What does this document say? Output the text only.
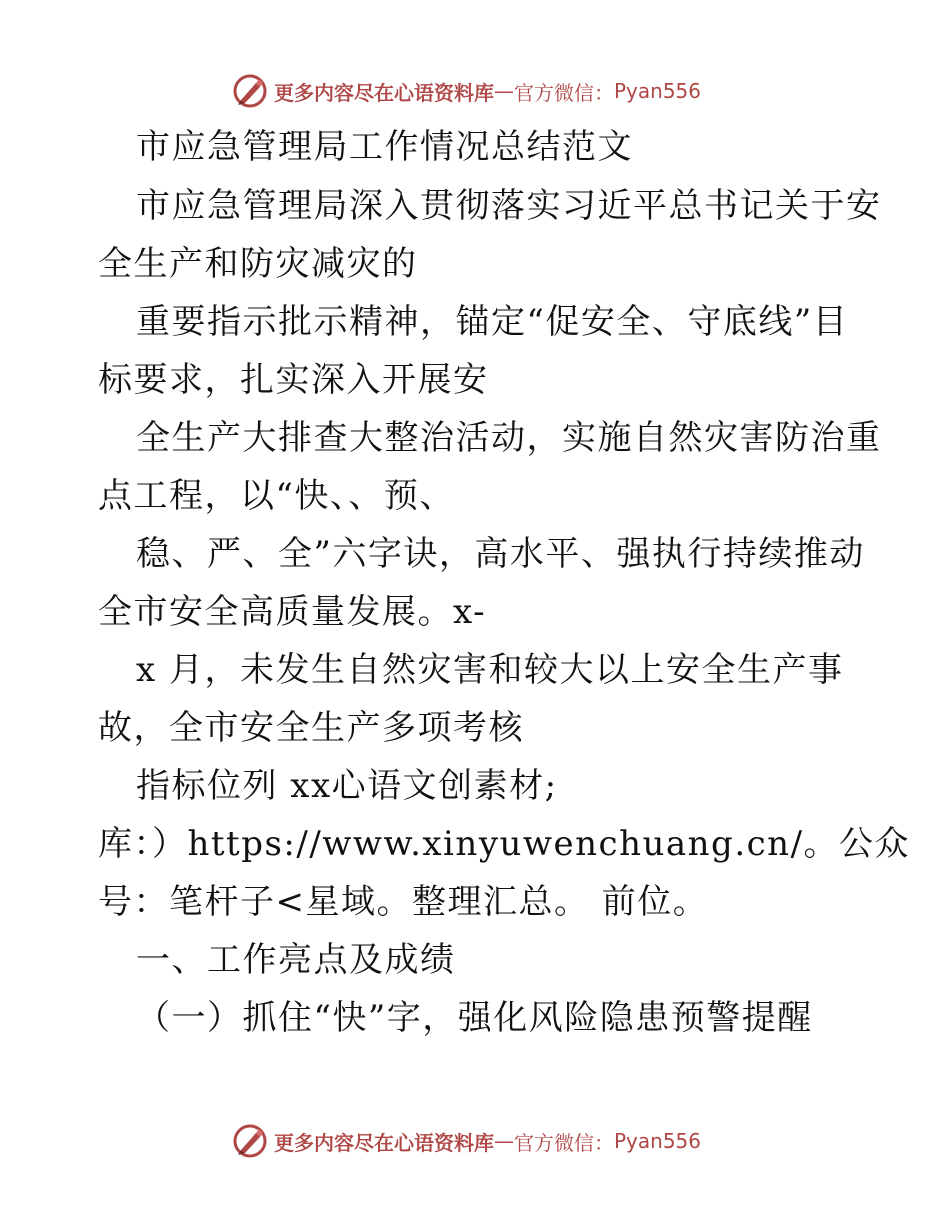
更多内容尽在心语资料库 — 官方微信： Pyan556
市应急管理局工作情况总结范文
市应急管理局深入贯彻落实习近平总书记关于安
全生产和防灾减灾的
重要指示批示精神，锚定“促安全、守底线”目
标要求，扎实深入开展安
全生产大排查大整治活动，实施自然灾害防治重
点工程，以“快、、预、
稳、严、全”六字诀，高水平、强执行持续推动
全市安全高质量发展。x-
x 月，未发生自然灾害和较大以上安全生产事
故，全市安全生产多项考核
指标位列 xx心语文创素材;
库：）https://www.xinyuwenchuang.cn/。公众
号：笔杆子<星域。整理汇总。 前位。
一、工作亮点及成绩
（一）抓住“快”字，强化风险隐患预警提醒
更多内容尽在心语资料库 — 官方微信： Pyan556
